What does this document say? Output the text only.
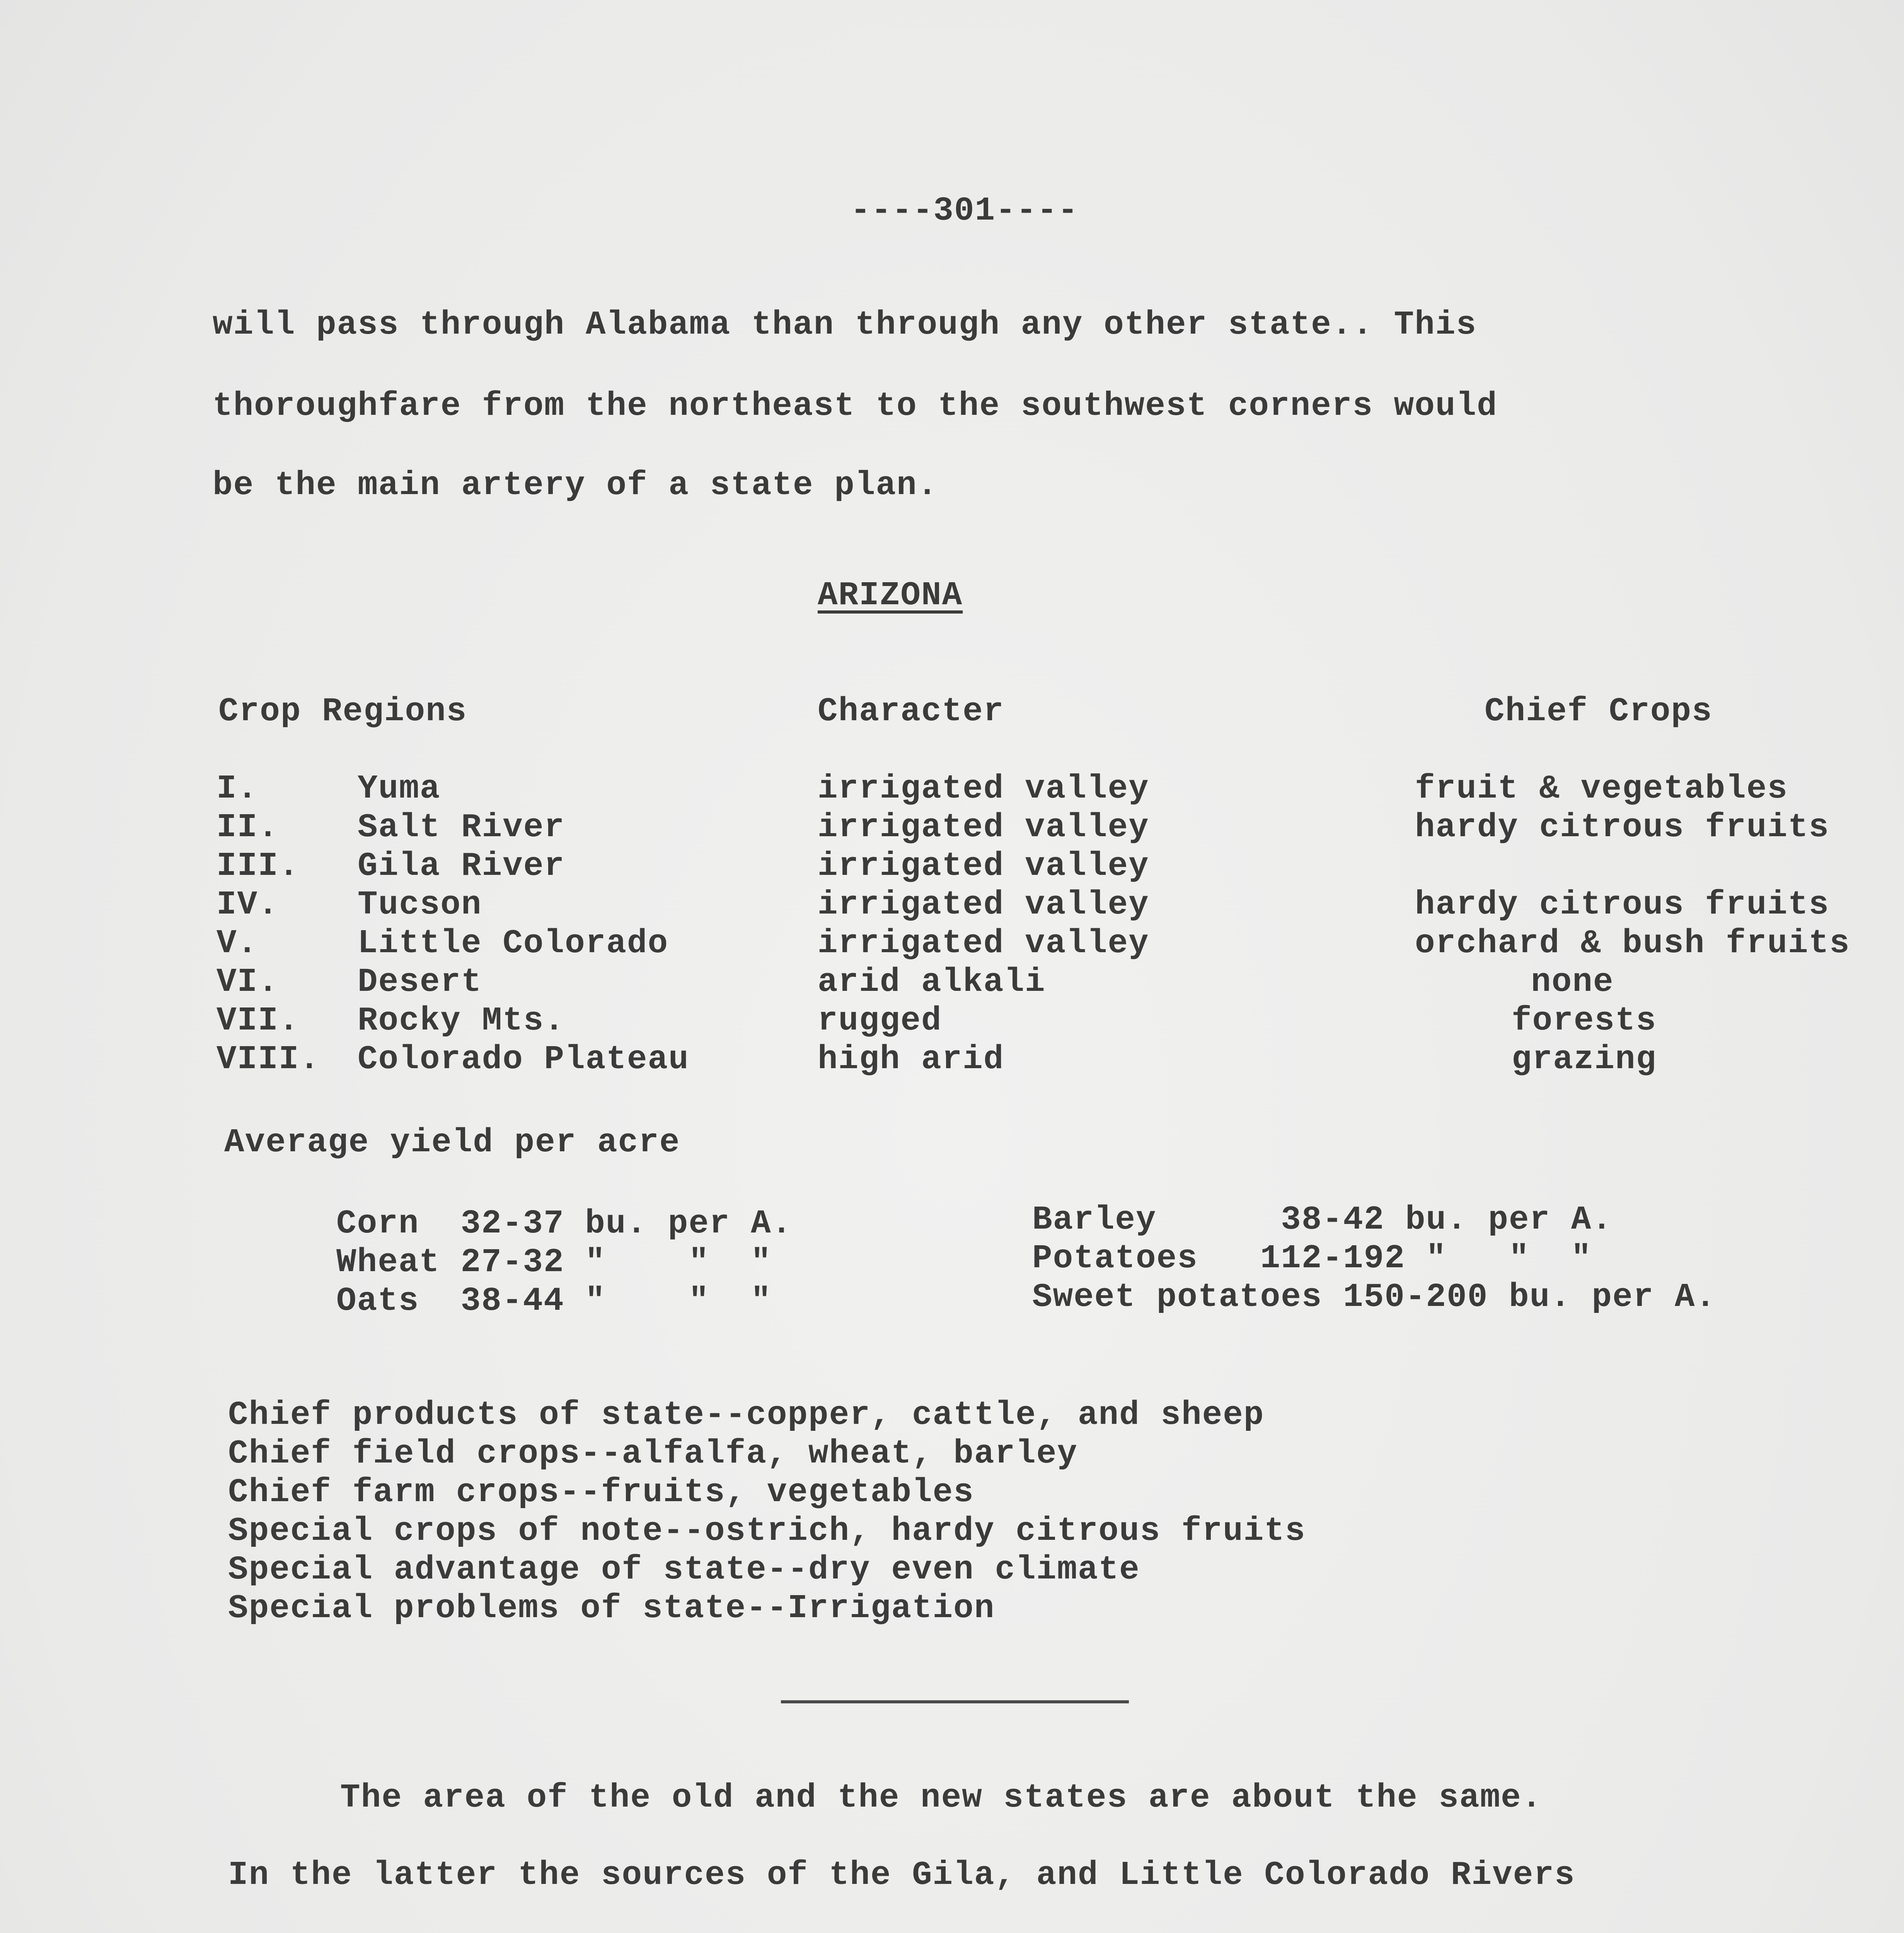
----301----
will pass through Alabama than through any other state.. This
thoroughfare from the northeast to the southwest corners would
be the main artery of a state plan.
ARIZONA
Crop Regions	Character	Chief Crops
I.	Yuma	irrigated valley	fruit & vegetables
II. Salt River	irrigated valley	hardy citrous fruits
III. Gila River	irrigated valley
IV. Tucson	irrigated valley	hardy citrous fruits
V.	Little Colorado	irrigated valley	orchard & bush fruits
VI. Desert	arid alkali	none
VII. Rocky Mts.	rugged	forests
VIII. Colorado Plateau	high arid	grazing
Average yield per acre
Corn  32-37 bu. per A.
Wheat 27-32 "    "  "
Oats  38-44 "    "  "
Barley      38-42 bu. per A.
Potatoes   112-192 "   "  "
Sweet potatoes 150-200 bu. per A.
Chief products of state--copper, cattle, and sheep
Chief field crops--alfalfa, wheat, barley
Chief farm crops--fruits, vegetables
Special crops of note--ostrich, hardy citrous fruits
Special advantage of state--dry even climate
Special problems of state--Irrigation
The area of the old and the new states are about the same.
In the latter the sources of the Gila, and Little Colorado Rivers
